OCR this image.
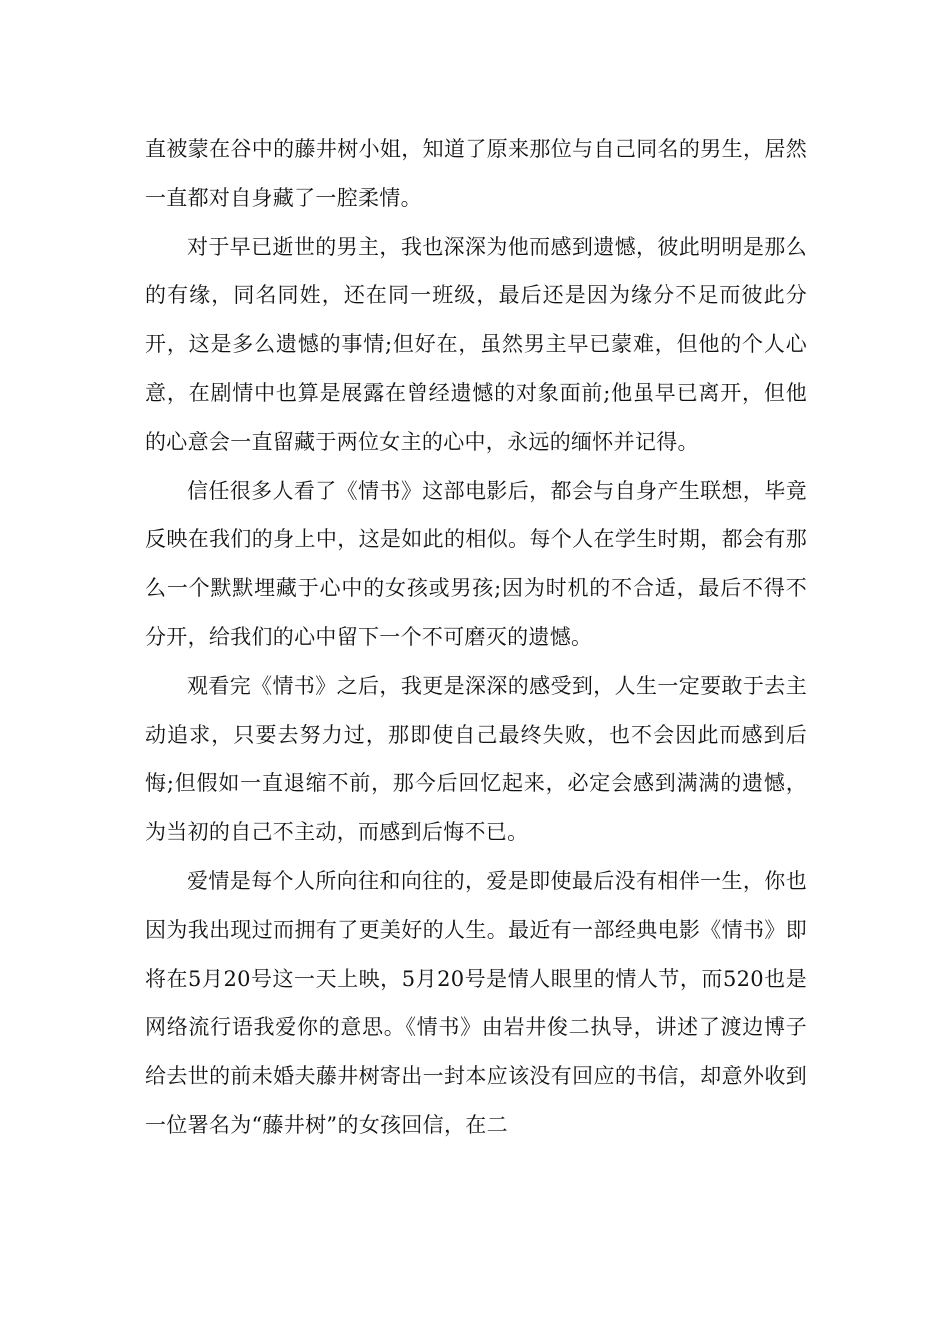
直被蒙在谷中的藤井树小姐，知道了原来那位与自己同名的男生，居然一直都对自身藏了一腔柔情。

对于早已逝世的男主，我也深深为他而感到遗憾，彼此明明是那么的有缘，同名同姓，还在同一班级，最后还是因为缘分不足而彼此分开，这是多么遗憾的事情;但好在，虽然男主早已蒙难，但他的个人心意，在剧情中也算是展露在曾经遗憾的对象面前;他虽早已离开，但他的心意会一直留藏于两位女主的心中，永远的缅怀并记得。

信任很多人看了《情书》这部电影后，都会与自身产生联想，毕竟反映在我们的身上中，这是如此的相似。每个人在学生时期，都会有那么一个默默埋藏于心中的女孩或男孩;因为时机的不合适，最后不得不分开，给我们的心中留下一个不可磨灭的遗憾。

观看完《情书》之后，我更是深深的感受到，人生一定要敢于去主动追求，只要去努力过，那即使自己最终失败，也不会因此而感到后悔;但假如一直退缩不前，那今后回忆起来，必定会感到满满的遗憾，为当初的自己不主动，而感到后悔不已。

爱情是每个人所向往和向往的，爱是即使最后没有相伴一生，你也因为我出现过而拥有了更美好的人生。最近有一部经典电影《情书》即将在5月20号这一天上映，5月20号是情人眼里的情人节，而520也是网络流行语我爱你的意思。《情书》由岩井俊二执导，讲述了渡边博子给去世的前未婚夫藤井树寄出一封本应该没有回应的书信，却意外收到一位署名为“藤井树”的女孩回信，在二
